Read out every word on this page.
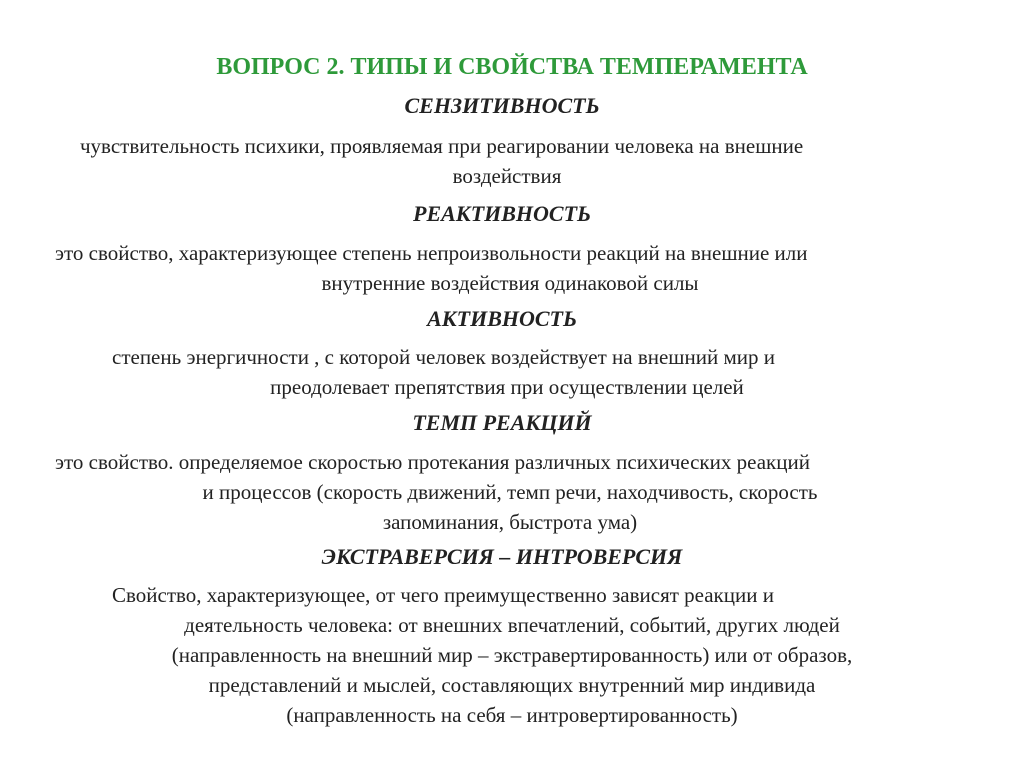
ВОПРОС 2. ТИПЫ И СВОЙСТВА ТЕМПЕРАМЕНТА
СЕНЗИТИВНОСТЬ
чувствительность психики, проявляемая при реагировании человека на внешние
воздействия
РЕАКТИВНОСТЬ
это свойство, характеризующее степень непроизвольности реакций на внешние или
внутренние воздействия одинаковой силы
АКТИВНОСТЬ
степень энергичности , с которой человек воздействует на внешний мир и
преодолевает препятствия при осуществлении целей
ТЕМП РЕАКЦИЙ
это свойство. определяемое скоростью протекания различных психических реакций
и процессов (скорость движений, темп речи, находчивость, скорость
запоминания, быстрота ума)
ЭКСТРАВЕРСИЯ – ИНТРОВЕРСИЯ
Свойство, характеризующее, от чего преимущественно зависят реакции и
деятельность человека: от внешних впечатлений, событий, других людей
(направленность на внешний мир – экстравертированность) или от образов,
представлений и мыслей, составляющих внутренний мир индивида
(направленность на себя – интровертированность)
